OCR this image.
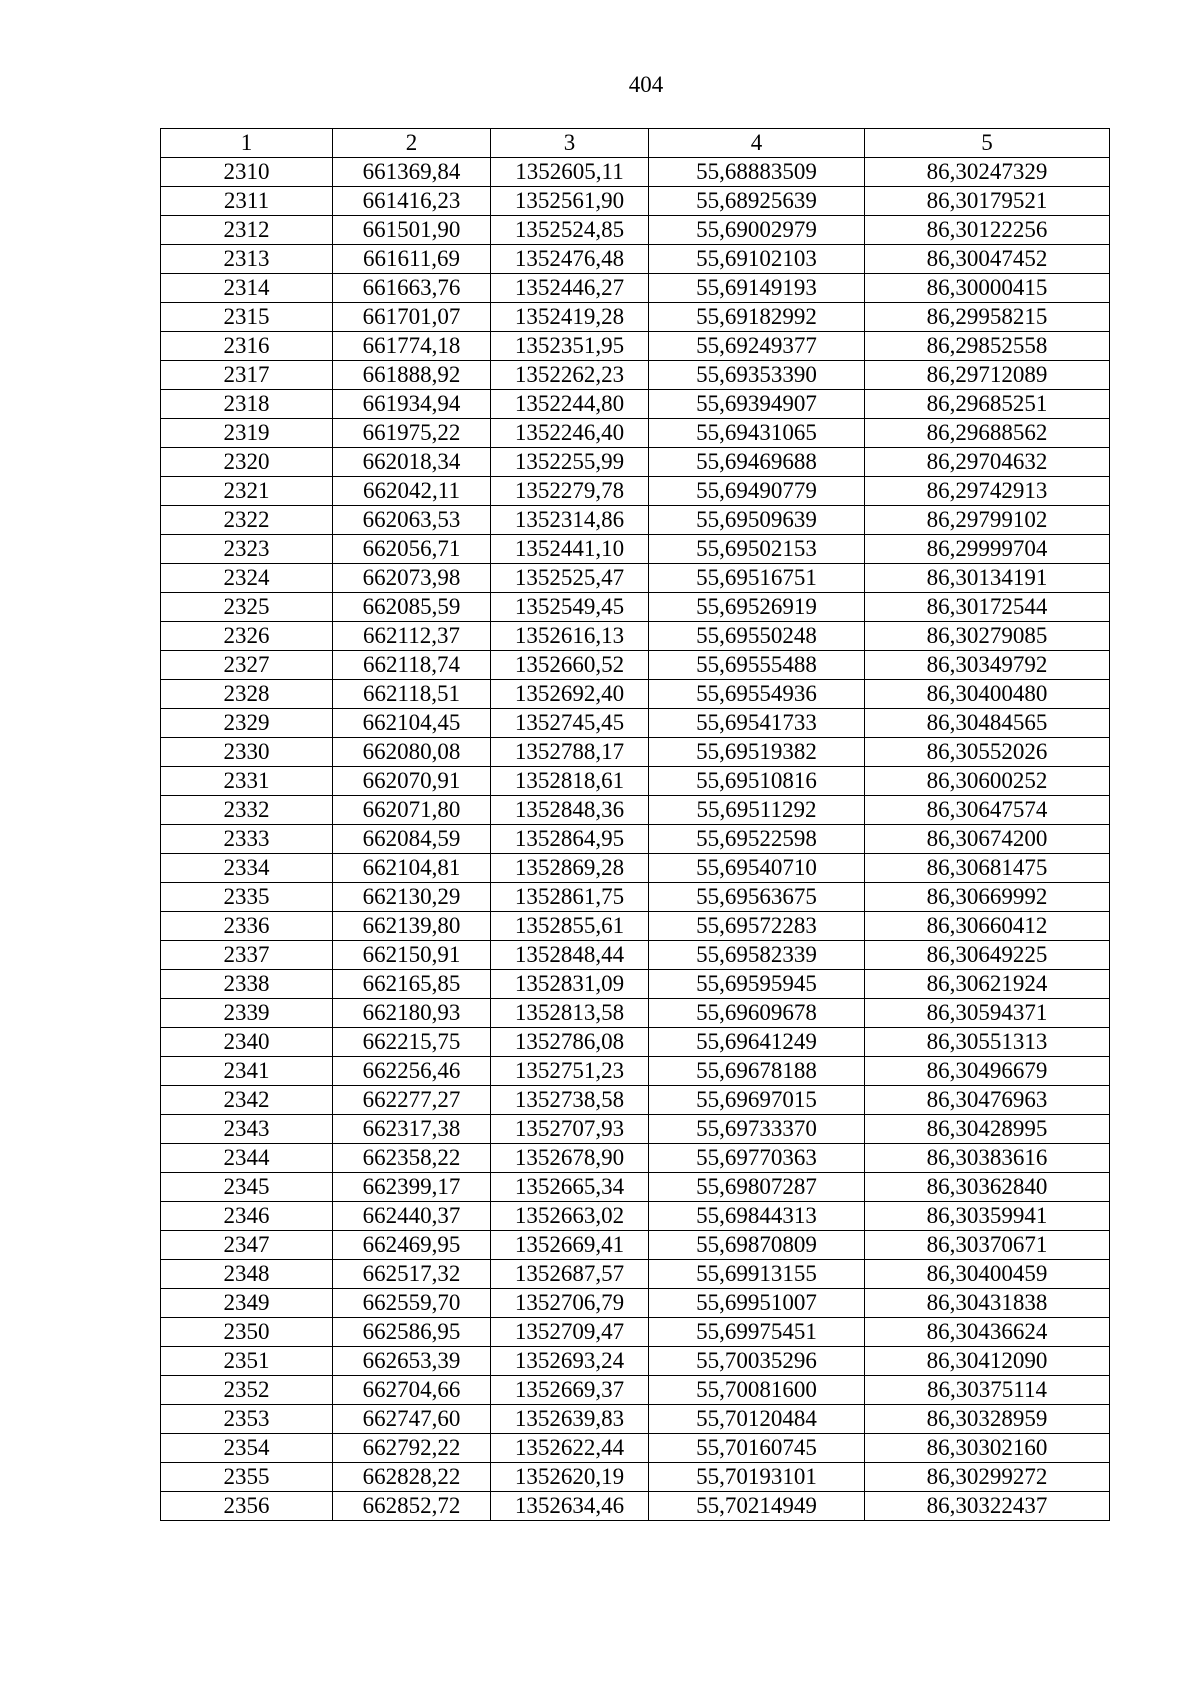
404
1	2	3	4	5
2310	661369,84	1352605,11	55,68883509	86,30247329
2311	661416,23	1352561,90	55,68925639	86,30179521
2312	661501,90	1352524,85	55,69002979	86,30122256
2313	661611,69	1352476,48	55,69102103	86,30047452
2314	661663,76	1352446,27	55,69149193	86,30000415
2315	661701,07	1352419,28	55,69182992	86,29958215
2316	661774,18	1352351,95	55,69249377	86,29852558
2317	661888,92	1352262,23	55,69353390	86,29712089
2318	661934,94	1352244,80	55,69394907	86,29685251
2319	661975,22	1352246,40	55,69431065	86,29688562
2320	662018,34	1352255,99	55,69469688	86,29704632
2321	662042,11	1352279,78	55,69490779	86,29742913
2322	662063,53	1352314,86	55,69509639	86,29799102
2323	662056,71	1352441,10	55,69502153	86,29999704
2324	662073,98	1352525,47	55,69516751	86,30134191
2325	662085,59	1352549,45	55,69526919	86,30172544
2326	662112,37	1352616,13	55,69550248	86,30279085
2327	662118,74	1352660,52	55,69555488	86,30349792
2328	662118,51	1352692,40	55,69554936	86,30400480
2329	662104,45	1352745,45	55,69541733	86,30484565
2330	662080,08	1352788,17	55,69519382	86,30552026
2331	662070,91	1352818,61	55,69510816	86,30600252
2332	662071,80	1352848,36	55,69511292	86,30647574
2333	662084,59	1352864,95	55,69522598	86,30674200
2334	662104,81	1352869,28	55,69540710	86,30681475
2335	662130,29	1352861,75	55,69563675	86,30669992
2336	662139,80	1352855,61	55,69572283	86,30660412
2337	662150,91	1352848,44	55,69582339	86,30649225
2338	662165,85	1352831,09	55,69595945	86,30621924
2339	662180,93	1352813,58	55,69609678	86,30594371
2340	662215,75	1352786,08	55,69641249	86,30551313
2341	662256,46	1352751,23	55,69678188	86,30496679
2342	662277,27	1352738,58	55,69697015	86,30476963
2343	662317,38	1352707,93	55,69733370	86,30428995
2344	662358,22	1352678,90	55,69770363	86,30383616
2345	662399,17	1352665,34	55,69807287	86,30362840
2346	662440,37	1352663,02	55,69844313	86,30359941
2347	662469,95	1352669,41	55,69870809	86,30370671
2348	662517,32	1352687,57	55,69913155	86,30400459
2349	662559,70	1352706,79	55,69951007	86,30431838
2350	662586,95	1352709,47	55,69975451	86,30436624
2351	662653,39	1352693,24	55,70035296	86,30412090
2352	662704,66	1352669,37	55,70081600	86,30375114
2353	662747,60	1352639,83	55,70120484	86,30328959
2354	662792,22	1352622,44	55,70160745	86,30302160
2355	662828,22	1352620,19	55,70193101	86,30299272
2356	662852,72	1352634,46	55,70214949	86,30322437
